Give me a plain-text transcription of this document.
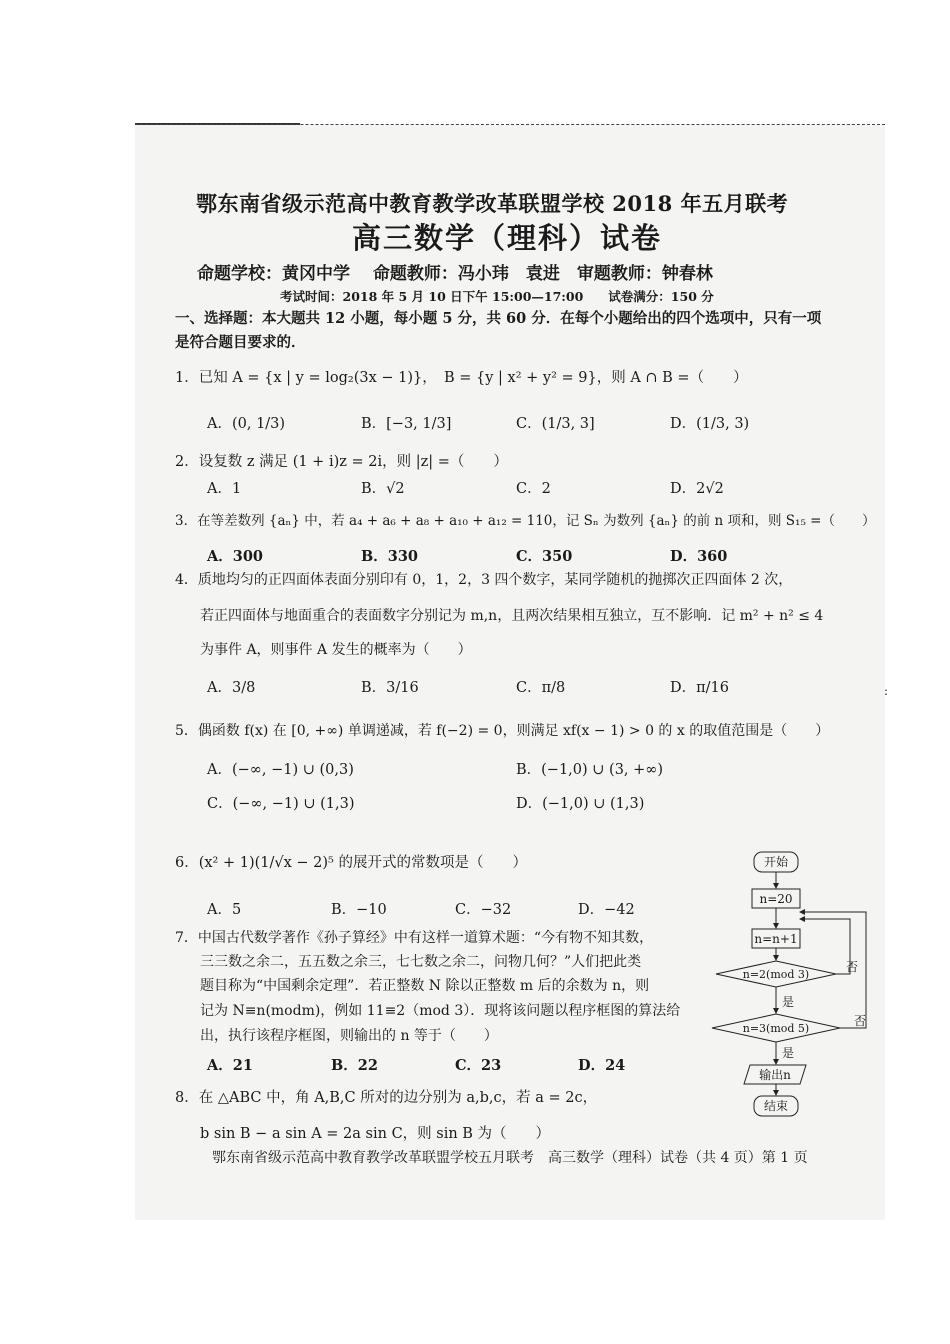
鄂东南省级示范高中教育教学改革联盟学校 2018 年五月联考
高三数学（理科）试卷
命题学校：黄冈中学　 命题教师：冯小玮　袁进　审题教师：钟春林
考试时间：2018 年 5 月 10 日下午 15:00—17:00　　试卷满分：150 分
一、选择题：本大题共 12 小题，每小题 5 分，共 60 分．在每个小题给出的四个选项中，只有一项
是符合题目要求的．
1．已知 A = {x | y = log₂(3x − 1)}，　B = {y | x² + y² = 9}，则 A ∩ B =（　　）
A．(0, 1/3)	B．[−3, 1/3]	C．(1/3, 3]	D．(1/3, 3)
2．设复数 z 满足 (1 + i)z = 2i，则 |z| =（　　）
A．1	B．√2	C．2	D．2√2
3．在等差数列 {aₙ} 中，若 a₄ + a₆ + a₈ + a₁₀ + a₁₂ = 110，记 Sₙ 为数列 {aₙ} 的前 n 项和，则 S₁₅ =（　　）
A．300	B．330	C．350	D．360
4．质地均匀的正四面体表面分别印有 0，1，2，3 四个数字，某同学随机的抛掷次正四面体 2 次，
若正四面体与地面重合的表面数字分别记为 m,n，且两次结果相互独立，互不影响．记 m² + n² ≤ 4
为事件 A，则事件 A 发生的概率为（　　）
A．3/8	B．3/16	C．π/8	D．π/16
5．偶函数 f(x) 在 [0, +∞) 单调递减，若 f(−2) = 0，则满足 xf(x − 1) > 0 的 x 的取值范围是（　　）
A．(−∞, −1) ∪ (0,3)	B．(−1,0) ∪ (3, +∞)
C．(−∞, −1) ∪ (1,3)	D．(−1,0) ∪ (1,3)
6．(x² + 1)(1/√x − 2)⁵ 的展开式的常数项是（　　）
A．5	B．−10	C．−32	D．−42
7．中国古代数学著作《孙子算经》中有这样一道算术题：“今有物不知其数，
三三数之余二，五五数之余三，七七数之余二，问物几何？”人们把此类
题目称为“中国剩余定理”．若正整数 N 除以正整数 m 后的余数为 n，则
记为 N≡n(modm)，例如 11≡2（mod 3）．现将该问题以程序框图的算法给
出，执行该程序框图，则输出的 n 等于（　　）
A．21	B．22	C．23	D．24
8．在 △ABC 中，角 A,B,C 所对的边分别为 a,b,c，若 a = 2c，
b sin B − a sin A = 2a sin C，则 sin B 为（　　）
开始
n=20
n=n+1
n=2(mod 3)
否
是
n=3(mod 5)
否
是
输出n
结束
:
鄂东南省级示范高中教育教学改革联盟学校五月联考　高三数学（理科）试卷（共 4 页）第 1 页
